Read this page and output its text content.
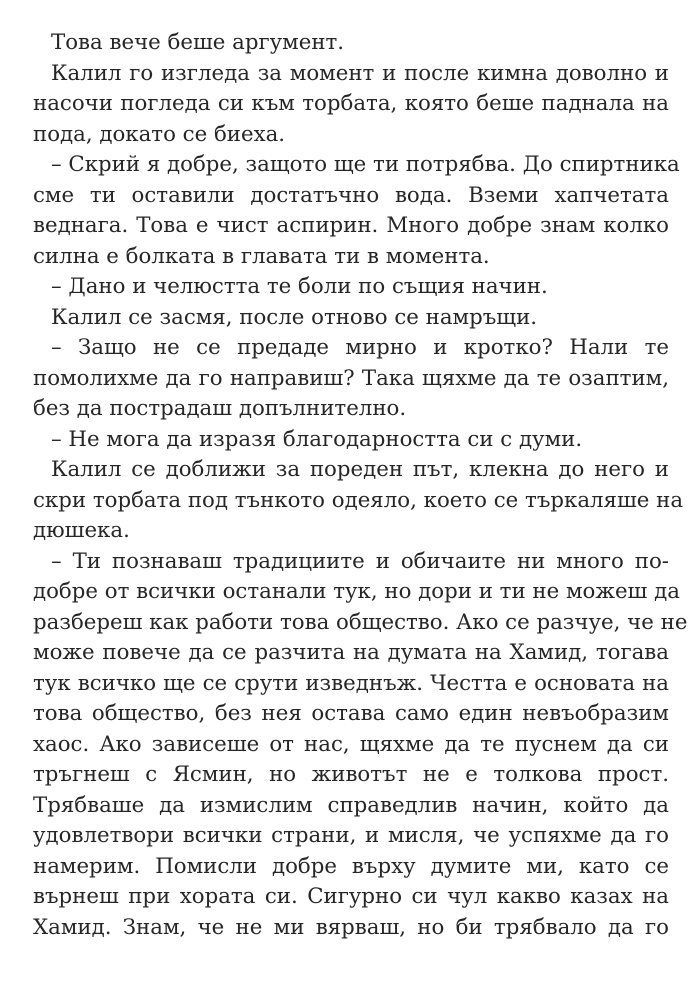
Това вече беше аргумент.
Калил го изгледа за момент и после кимна доволно и
насочи погледа си към торбата, която беше паднала на
пода, докато се биеха.
– Скрий я добре, защото ще ти потрябва. До спиртника
сме ти оставили достатъчно вода. Вземи хапчетата
веднага. Това е чист аспирин. Много добре знам колко
силна е болката в главата ти в момента.
– Дано и челюстта те боли по същия начин.
Калил се засмя, после отново се намръщи.
– Защо не се предаде мирно и кротко? Нали те
помолихме да го направиш? Така щяхме да те озаптим,
без да пострадаш допълнително.
– Не мога да изразя благодарността си с думи.
Калил се доближи за пореден път, клекна до него и
скри торбата под тънкото одеяло, което се търкаляше на
дюшека.
– Ти познаваш традициите и обичаите ни много по-
добре от всички останали тук, но дори и ти не можеш да
разбереш как работи това общество. Ако се разчуе, че не
може повече да се разчита на думата на Хамид, тогава
тук всичко ще се срути изведнъж. Честта е основата на
това общество, без нея остава само един невъобразим
хаос. Ако зависеше от нас, щяхме да те пуснем да си
тръгнеш с Ясмин, но животът не е толкова прост.
Трябваше да измислим справедлив начин, който да
удовлетвори всички страни, и мисля, че успяхме да го
намерим. Помисли добре върху думите ми, като се
върнеш при хората си. Сигурно си чул какво казах на
Хамид. Знам, че не ми вярваш, но би трябвало да го
